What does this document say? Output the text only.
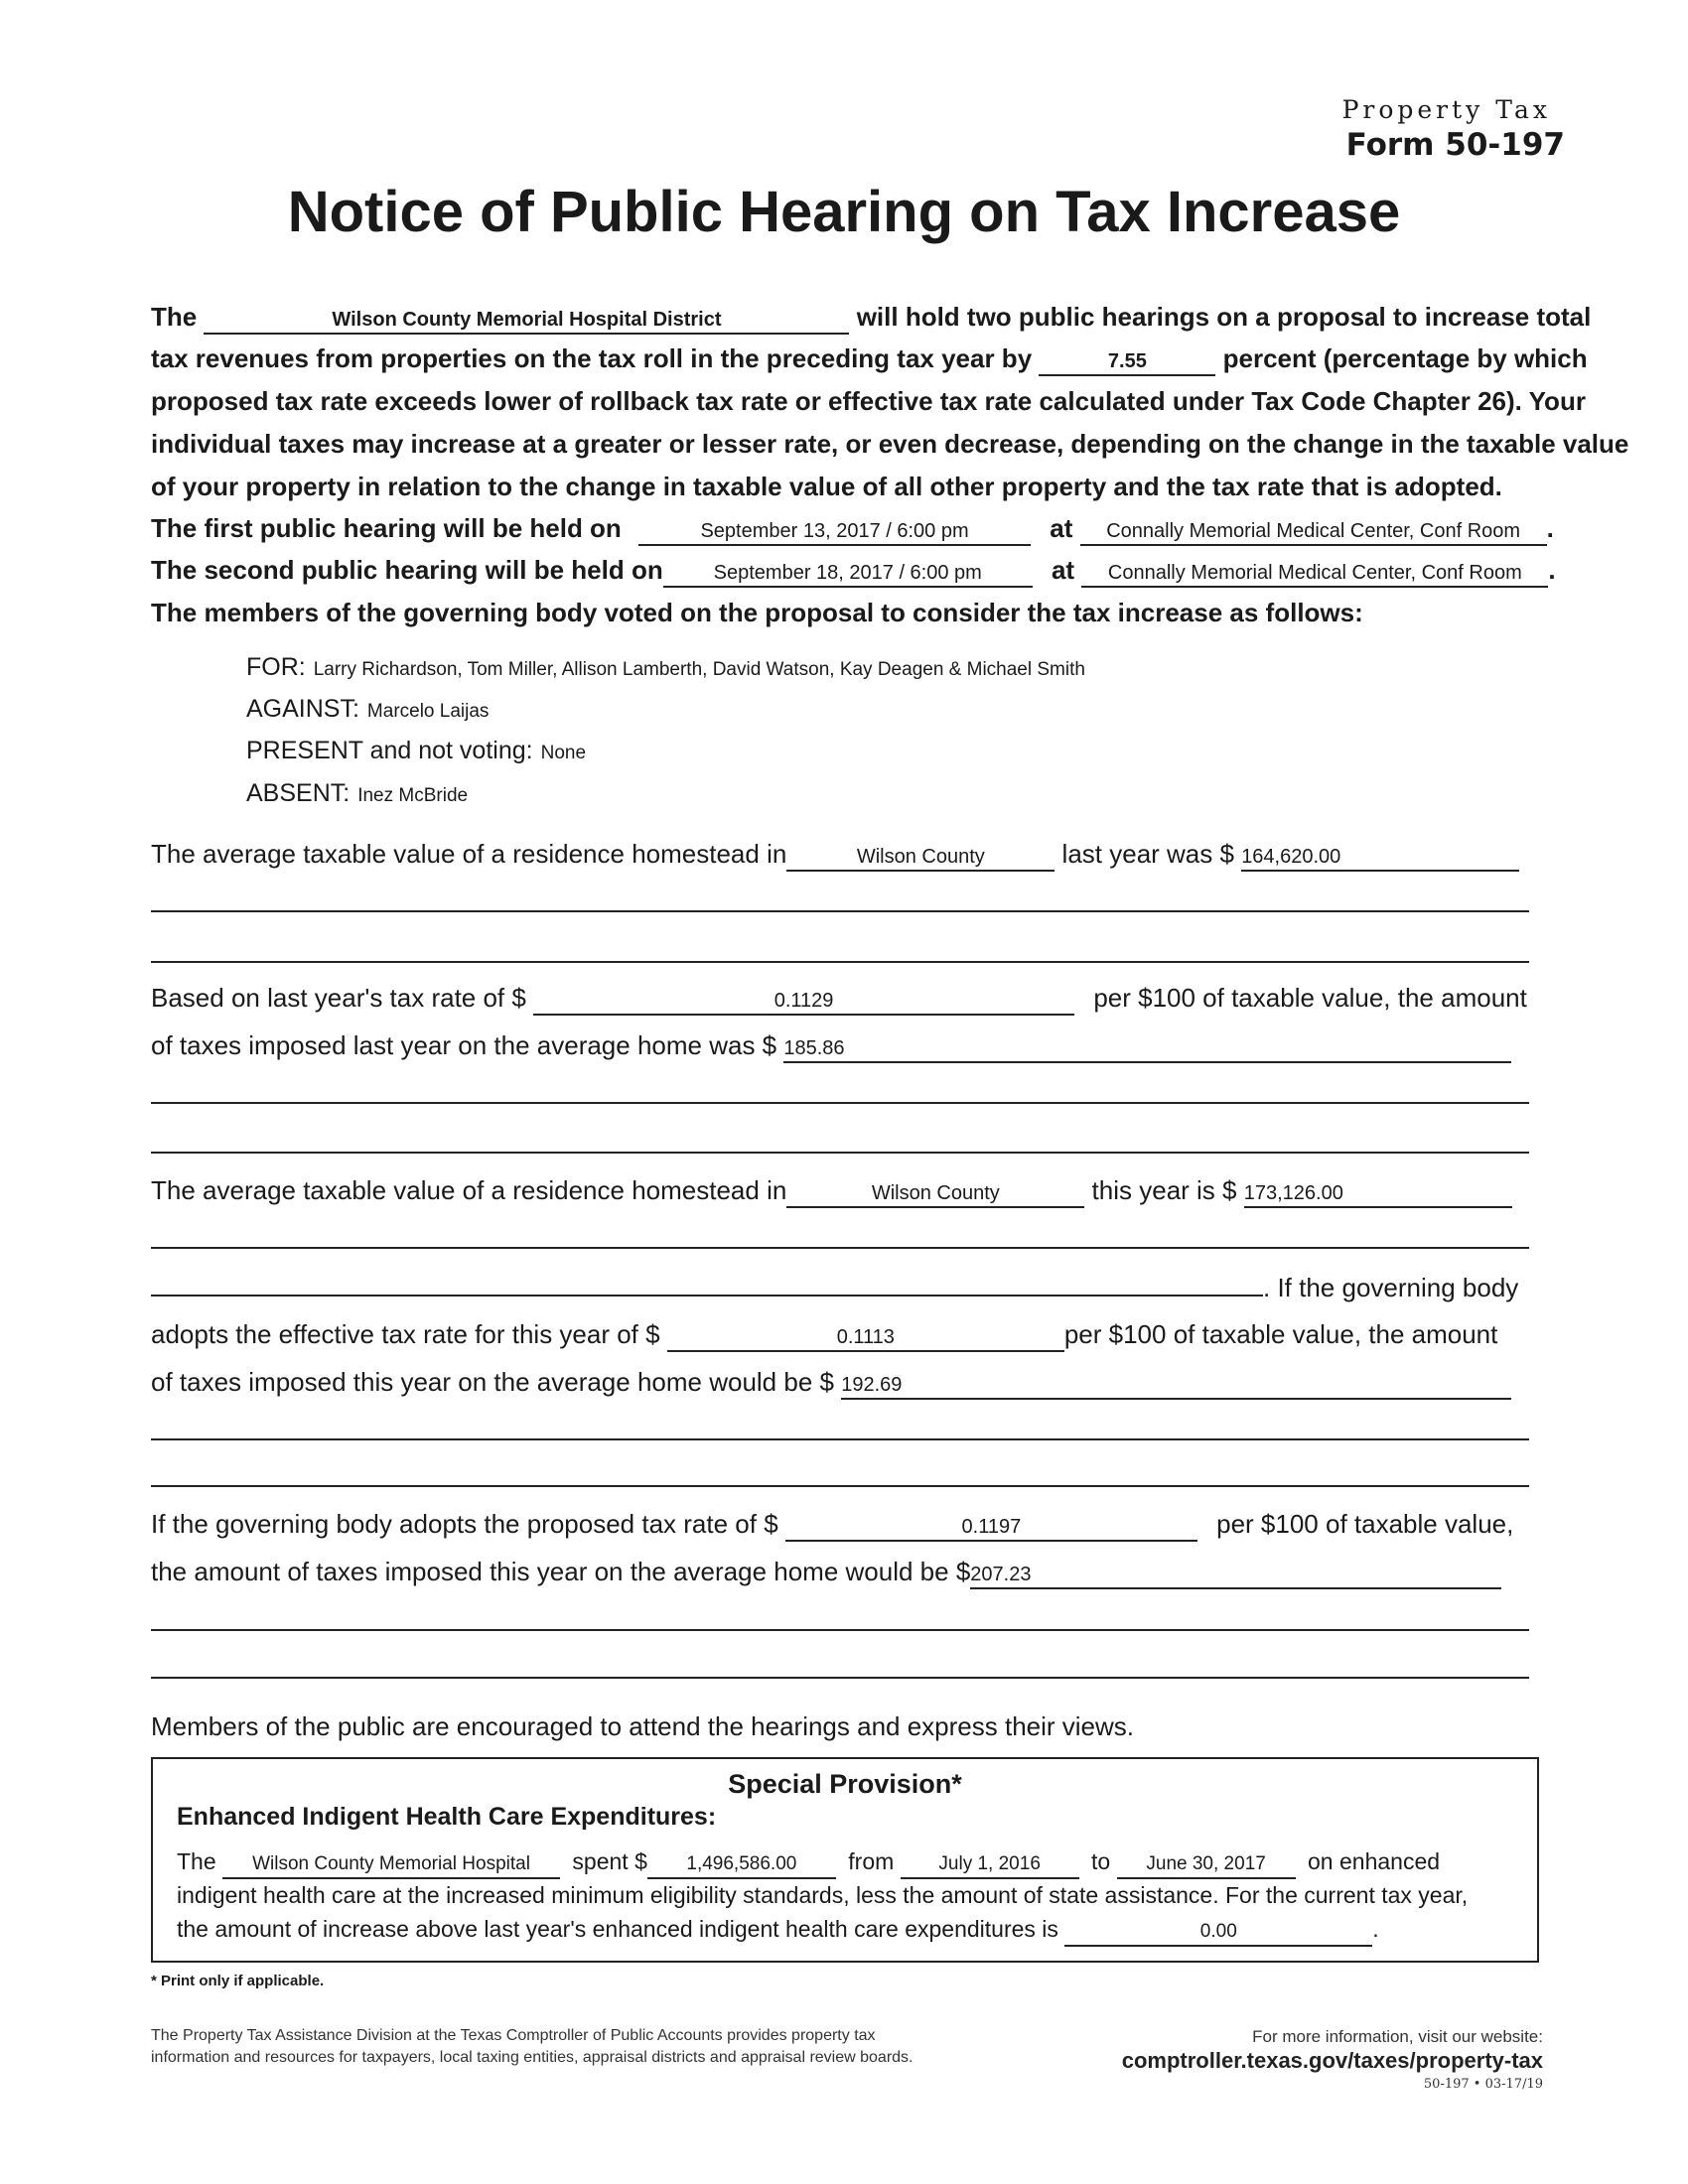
Property Tax
Form 50-197
Notice of Public Hearing on Tax Increase
The	Wilson County Memorial Hospital District	will hold two public hearings on a proposal to increase total
tax revenues from properties on the tax roll in the preceding tax year by	7.55	percent (percentage by which
proposed tax rate exceeds lower of rollback tax rate or effective tax rate calculated under Tax Code Chapter 26). Your
individual taxes may increase at a greater or lesser rate, or even decrease, depending on the change in the taxable value
of your property in relation to the change in taxable value of all other property and the tax rate that is adopted.
The first public hearing will be held on	September 13, 2017 / 6:00 pm	at Connally Memorial Medical Center, Conf Room .
The second public hearing will be held on	September 18, 2017 / 6:00 pm	at Connally Memorial Medical Center, Conf Room .
The members of the governing body voted on the proposal to consider the tax increase as follows:
FOR: Larry Richardson, Tom Miller, Allison Lamberth, David Watson, Kay Deagen & Michael Smith
AGAINST: Marcelo Laijas
PRESENT and not voting: None
ABSENT: Inez McBride
The average taxable value of a residence homestead in	Wilson County	last year was $ 164,620.00
Based on last year's tax rate of $	0.1129	per $100 of taxable value, the amount
of taxes imposed last year on the average home was $ 185.86
The average taxable value of a residence homestead in	Wilson County	this year is $ 173,126.00
. If the governing body
adopts the effective tax rate for this year of $	0.1113	per $100 of taxable value, the amount
of taxes imposed this year on the average home would be $ 192.69
If the governing body adopts the proposed tax rate of $	0.1197	per $100 of taxable value,
the amount of taxes imposed this year on the average home would be $207.23
Members of the public are encouraged to attend the hearings and express their views.
Special Provision*
Enhanced Indigent Health Care Expenditures:
The Wilson County Memorial Hospital spent $ 1,496,586.00 from July 1, 2016 to June 30, 2017 on enhanced
indigent health care at the increased minimum eligibility standards, less the amount of state assistance. For the current tax year,
the amount of increase above last year's enhanced indigent health care expenditures is	0.00	.
* Print only if applicable.
The Property Tax Assistance Division at the Texas Comptroller of Public Accounts provides property tax
information and resources for taxpayers, local taxing entities, appraisal districts and appraisal review boards.
For more information, visit our website:
comptroller.texas.gov/taxes/property-tax
50-197 • 03-17/19
